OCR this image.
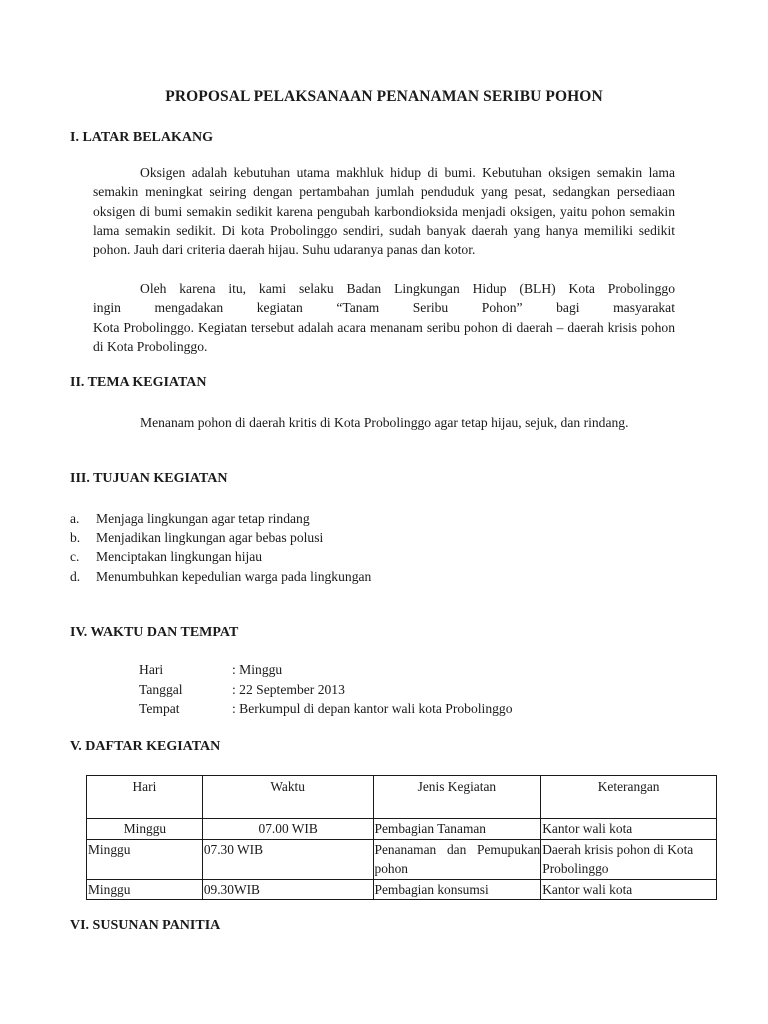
PROPOSAL PELAKSANAAN PENANAMAN SERIBU POHON
I. LATAR BELAKANG

Oksigen adalah kebutuhan utama makhluk hidup di bumi. Kebutuhan oksigen semakin lama semakin meningkat seiring dengan pertambahan jumlah penduduk yang pesat, sedangkan persediaan oksigen di bumi semakin sedikit karena pengubah karbondioksida menjadi oksigen, yaitu pohon semakin lama semakin sedikit. Di kota Probolinggo sendiri, sudah banyak daerah yang hanya memiliki sedikit pohon. Jauh dari criteria daerah hijau. Suhu udaranya panas dan kotor.

Oleh karena itu, kami selaku Badan Lingkungan Hidup (BLH) Kota Probolinggo
ingin mengadakan kegiatan “Tanam Seribu Pohon” bagi masyarakat
Kota Probolinggo. Kegiatan tersebut adalah acara menanam seribu pohon di daerah – daerah krisis pohon di Kota Probolinggo.

II. TEMA KEGIATAN

Menanam pohon di daerah kritis di Kota Probolinggo agar tetap hijau, sejuk, dan rindang.

III. TUJUAN KEGIATAN
a.	Menjaga lingkungan agar tetap rindang
b.	Menjadikan lingkungan agar bebas polusi
c.	Menciptakan lingkungan hijau
d.	Menumbuhkan kepedulian warga pada lingkungan
IV. WAKTU DAN TEMPAT
Hari	: Minggu
Tanggal	: 22 September 2013
Tempat	: Berkumpul di depan kantor wali kota Probolinggo
V. DAFTAR KEGIATAN
Hari	Waktu	Jenis Kegiatan	Keterangan
Minggu	07.00 WIB	Pembagian Tanaman	Kantor wali kota
Minggu	07.30 WIB	Penanaman dan Pemupukan pohon	Daerah krisis pohon di Kota Probolinggo
Minggu	09.30WIB	Pembagian konsumsi	Kantor wali kota
VI. SUSUNAN PANITIA
